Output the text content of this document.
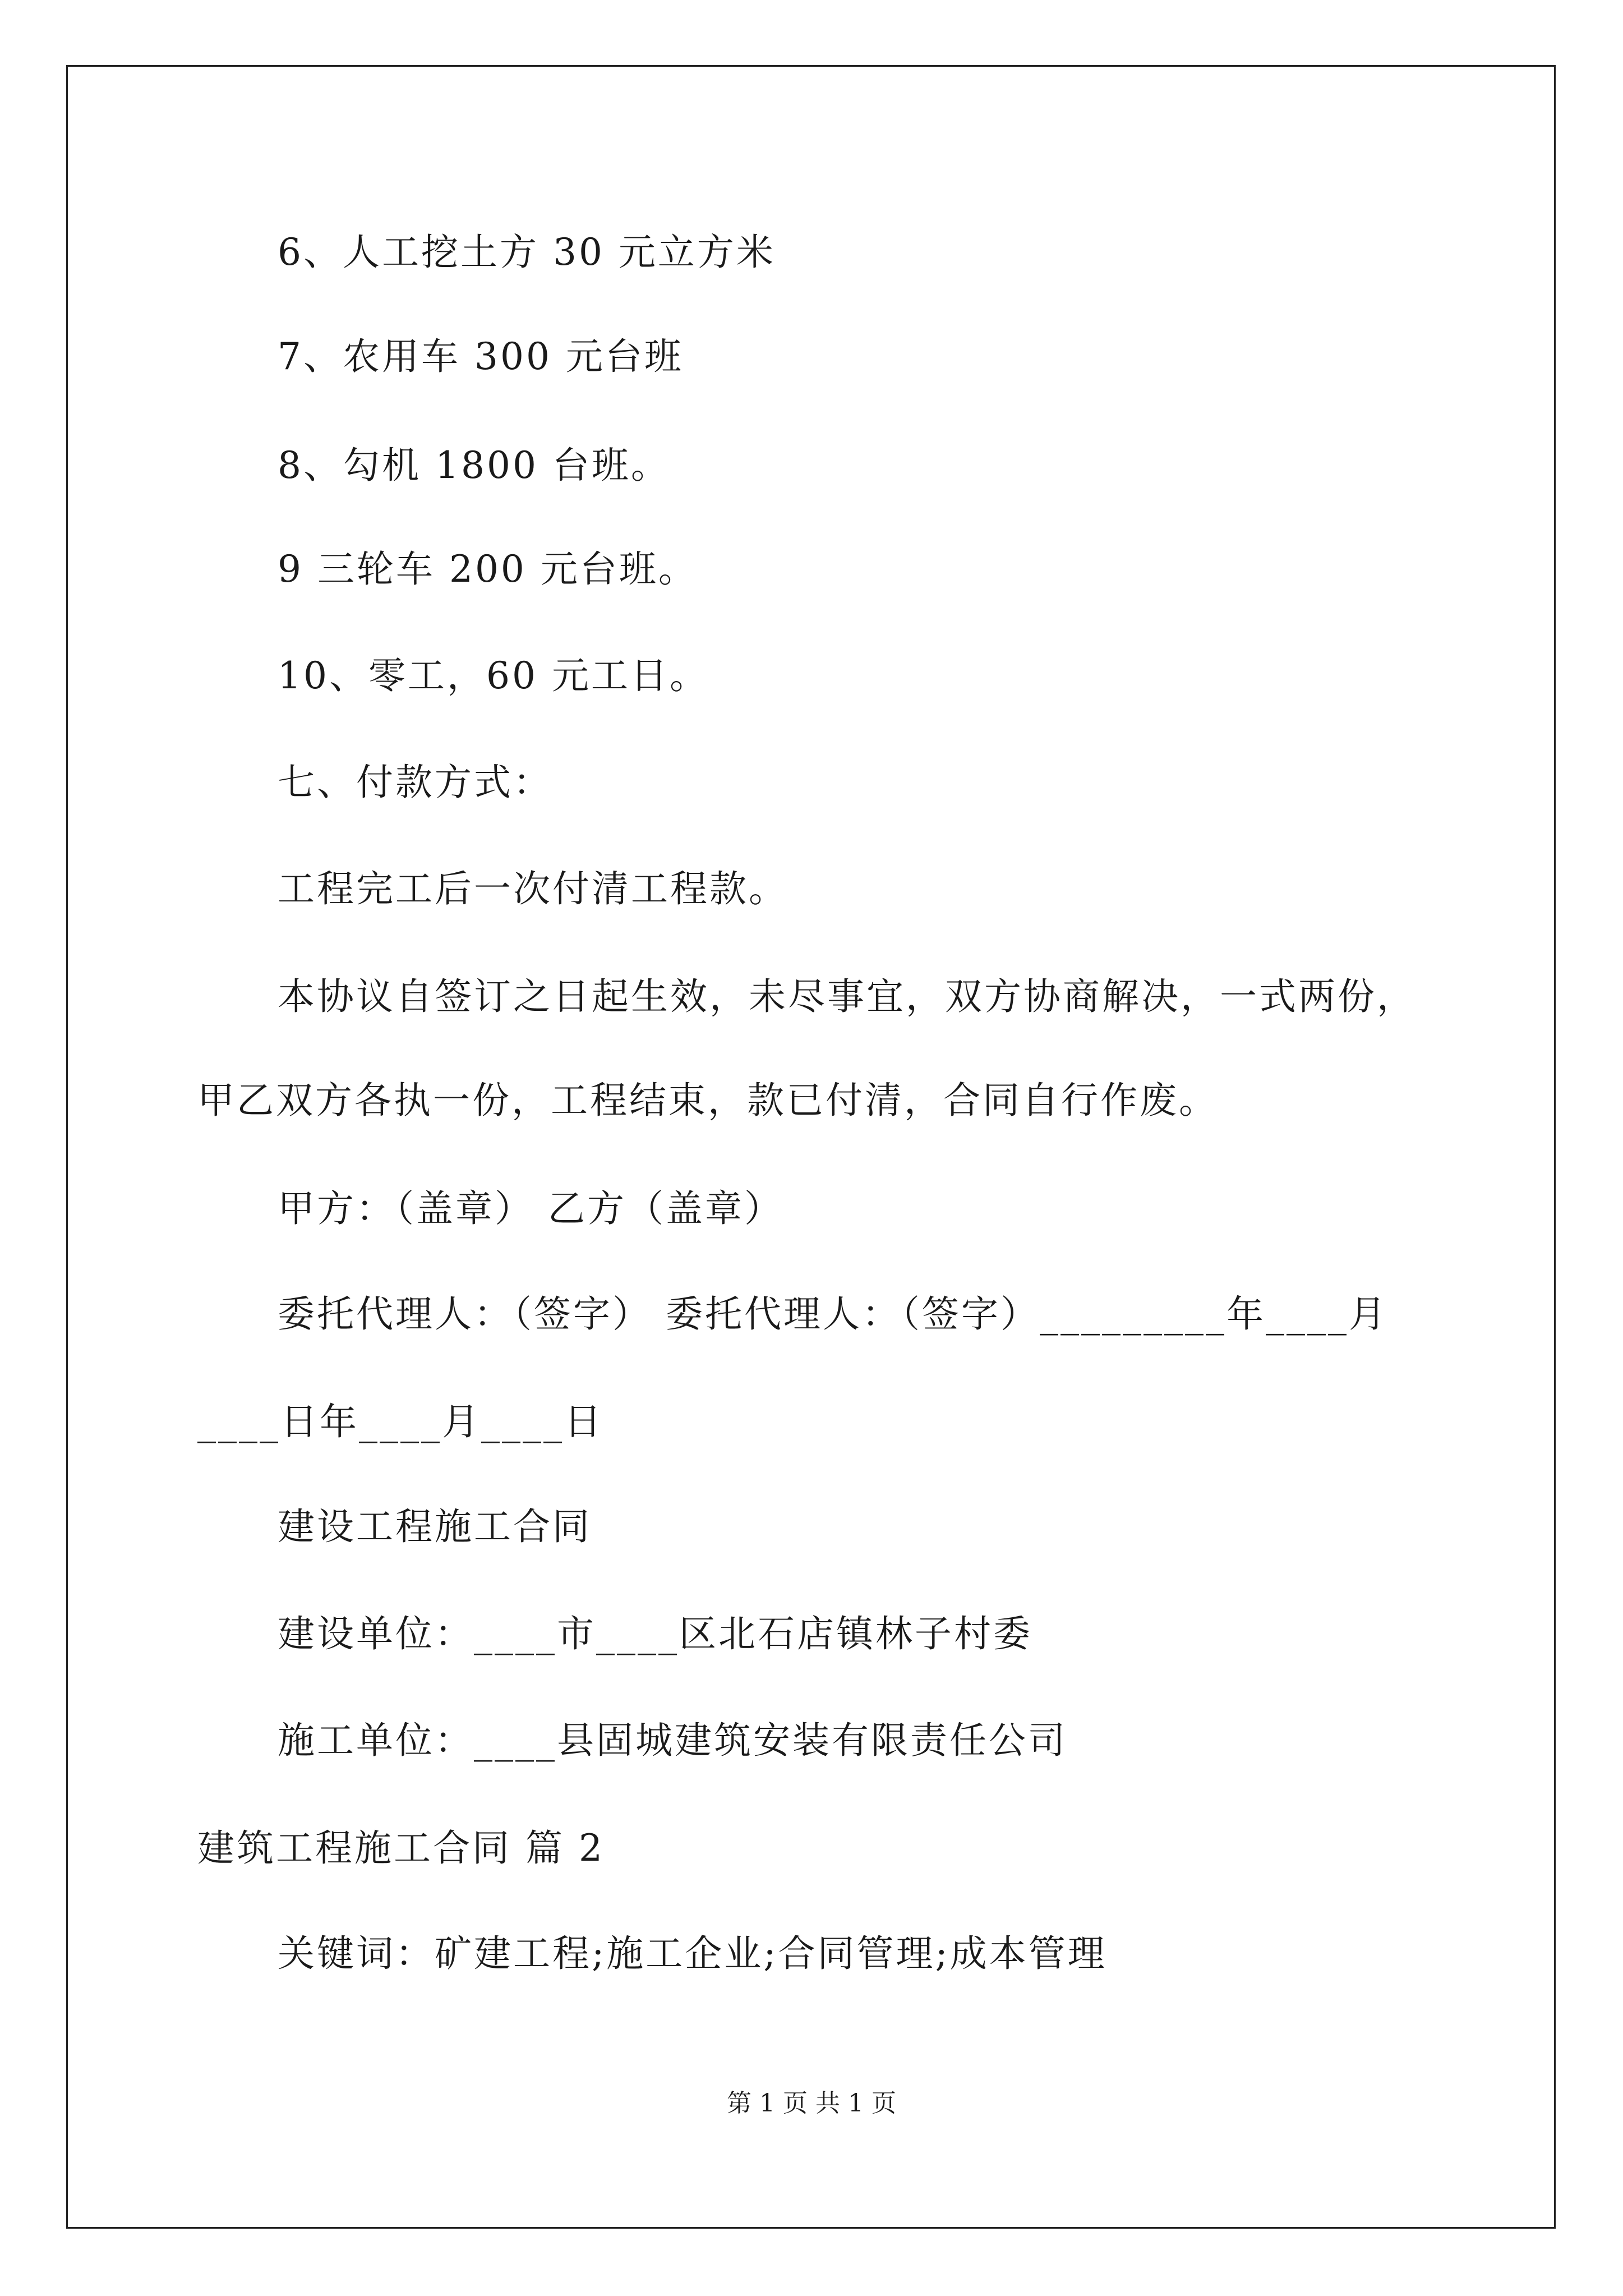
6、人工挖土方 30 元立方米
7、农用车 300 元台班
8、勾机 1800 台班。
9 三轮车 200 元台班。
10、零工，60 元工日。
七、付款方式：
工程完工后一次付清工程款。
本协议自签订之日起生效，未尽事宜，双方协商解决，一式两份，
甲乙双方各执一份，工程结束，款已付清，合同自行作废。
甲方：（盖章） 乙方（盖章）
委托代理人：（签字） 委托代理人：（签字）_________年____月
____日年____月____日
建设工程施工合同
建设单位：____市____区北石店镇林子村委
施工单位：____县固城建筑安装有限责任公司
建筑工程施工合同 篇 2
关键词：矿建工程;施工企业;合同管理;成本管理
第 1 页 共 1 页
